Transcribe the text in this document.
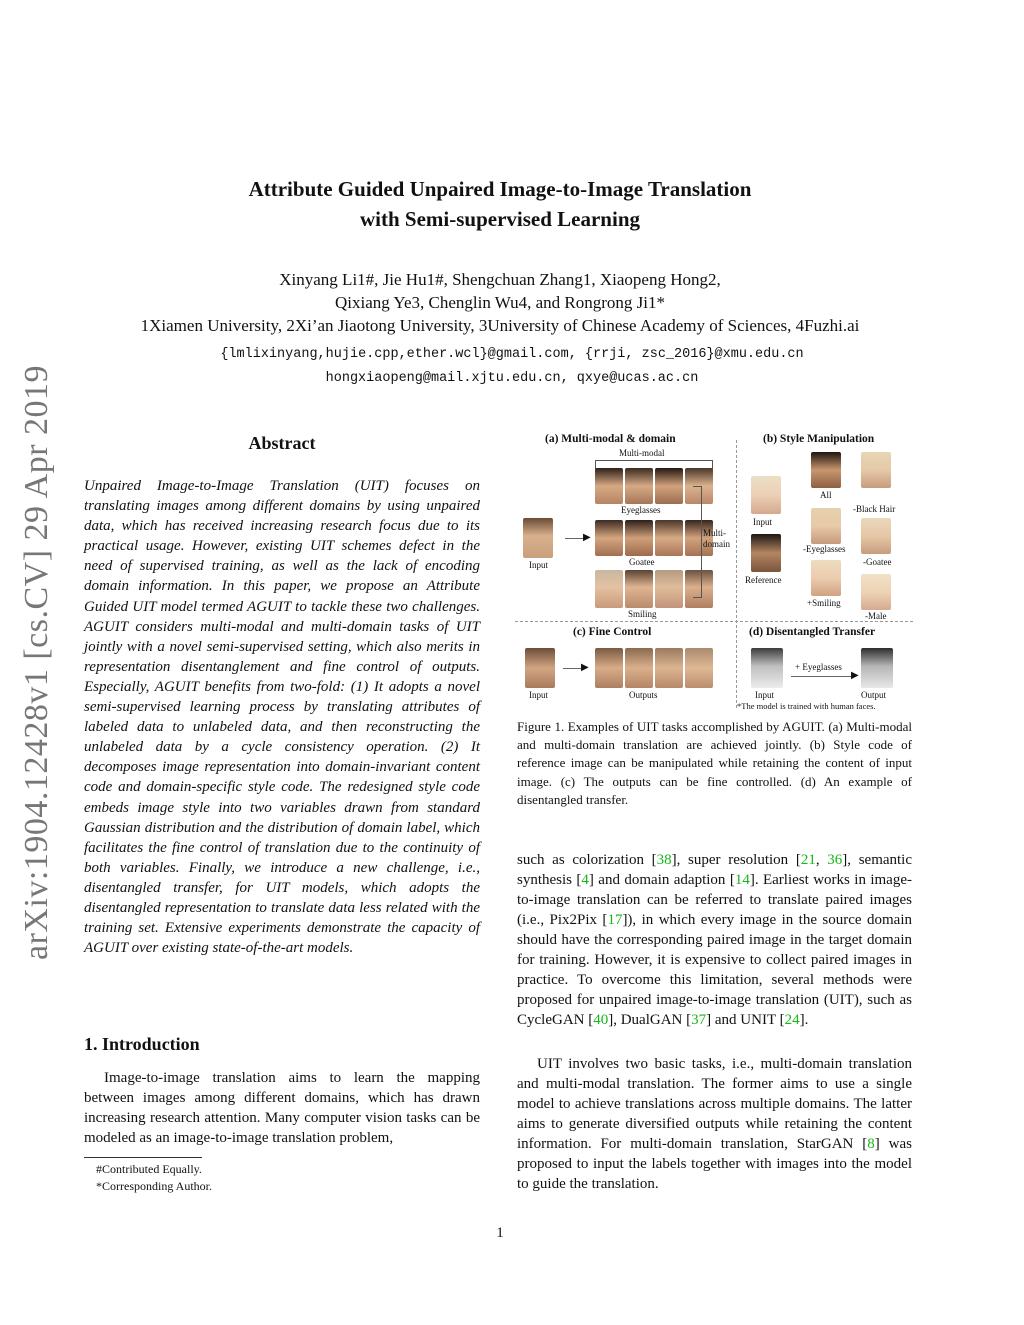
arXiv:1904.12428v1 [cs.CV] 29 Apr 2019
Attribute Guided Unpaired Image-to-Image Translation
with Semi-supervised Learning
Xinyang Li1#, Jie Hu1#, Shengchuan Zhang1, Xiaopeng Hong2,
Qixiang Ye3, Chenglin Wu4, and Rongrong Ji1*
1Xiamen University, 2Xi’an Jiaotong University, 3University of Chinese Academy of Sciences, 4Fuzhi.ai
{lmlixinyang,hujie.cpp,ether.wcl}@gmail.com, {rrji, zsc_2016}@xmu.edu.cn
hongxiaopeng@mail.xjtu.edu.cn, qxye@ucas.ac.cn
Abstract
Unpaired Image-to-Image Translation (UIT) focuses on translating images among different domains by using unpaired data, which has received increasing research focus due to its practical usage. However, existing UIT schemes defect in the need of supervised training, as well as the lack of encoding domain information. In this paper, we propose an Attribute Guided UIT model termed AGUIT to tackle these two challenges. AGUIT considers multi-modal and multi-domain tasks of UIT jointly with a novel semi-supervised setting, which also merits in representation disentanglement and fine control of outputs. Especially, AGUIT benefits from two-fold: (1) It adopts a novel semi-supervised learning process by translating attributes of labeled data to unlabeled data, and then reconstructing the unlabeled data by a cycle consistency operation. (2) It decomposes image representation into domain-invariant content code and domain-specific style code. The redesigned style code embeds image style into two variables drawn from standard Gaussian distribution and the distribution of domain label, which facilitates the fine control of translation due to the continuity of both variables. Finally, we introduce a new challenge, i.e., disentangled transfer, for UIT models, which adopts the disentangled representation to translate data less related with the training set. Extensive experiments demonstrate the capacity of AGUIT over existing state-of-the-art models.
1. Introduction
Image-to-image translation aims to learn the mapping between images among different domains, which has drawn increasing research attention. Many computer vision tasks can be modeled as an image-to-image translation problem,
#Contributed Equally.
*Corresponding Author.
(a) Multi-modal & domain	(b) Style Manipulation
(c) Fine Control	(d) Disentangled Transfer
Multi-modal
Input
▶
Eyeglasses
Goatee
Smiling
Multi-
domain
All
-Black Hair
Input
Reference
-Eyeglasses
-Goatee
+Smiling
-Male
Input
▶
Outputs	Input
+ Eyeglasses
▶
Output
*The model is trained with human faces.
Figure 1. Examples of UIT tasks accomplished by AGUIT. (a) Multi-modal and multi-domain translation are achieved jointly. (b) Style code of reference image can be manipulated while retaining the content of input image. (c) The outputs can be fine controlled. (d) An example of disentangled transfer.
such as colorization [38], super resolution [21, 36], semantic synthesis [4] and domain adaption [14]. Earliest works in image-to-image translation can be referred to translate paired images (i.e., Pix2Pix [17]), in which every image in the source domain should have the corresponding paired image in the target domain for training. However, it is expensive to collect paired images in practice. To overcome this limitation, several methods were proposed for unpaired image-to-image translation (UIT), such as CycleGAN [40], DualGAN [37] and UNIT [24].
UIT involves two basic tasks, i.e., multi-domain translation and multi-modal translation. The former aims to use a single model to achieve translations across multiple domains. The latter aims to generate diversified outputs while retaining the content information. For multi-domain translation, StarGAN [8] was proposed to input the labels together with images into the model to guide the translation.
1
